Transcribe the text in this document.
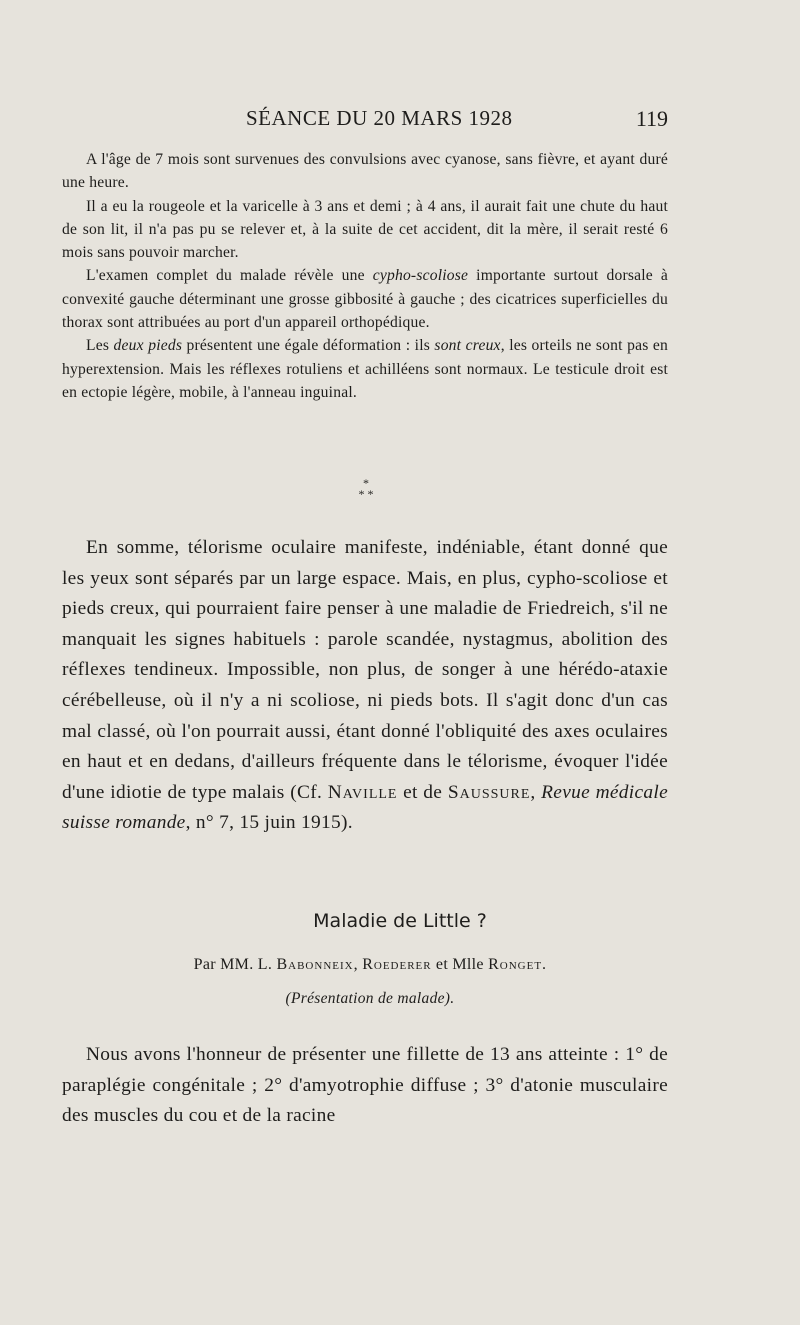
SÉANCE DU 20 MARS 1928	119

A l'âge de 7 mois sont survenues des convulsions avec cyanose, sans fièvre, et ayant duré une heure.

Il a eu la rougeole et la varicelle à 3 ans et demi ; à 4 ans, il aurait fait une chute du haut de son lit, il n'a pas pu se relever et, à la suite de cet accident, dit la mère, il serait resté 6 mois sans pouvoir marcher.

L'examen complet du malade révèle une cypho-scoliose importante surtout dorsale à convexité gauche déterminant une grosse gibbosité à gauche ; des cicatrices superficielles du thorax sont attribuées au port d'un appareil orthopédique.

Les deux pieds présentent une égale déformation : ils sont creux, les orteils ne sont pas en hyperextension. Mais les réflexes rotuliens et achilléens sont normaux. Le testicule droit est en ectopie légère, mobile, à l'anneau inguinal.

*
* *

En somme, télorisme oculaire manifeste, indéniable, étant donné que les yeux sont séparés par un large espace. Mais, en plus, cypho-scoliose et pieds creux, qui pourraient faire penser à une maladie de Friedreich, s'il ne manquait les signes habituels : parole scandée, nystagmus, abolition des réflexes tendineux. Impossible, non plus, de songer à une hérédo-ataxie cérébelleuse, où il n'y a ni scoliose, ni pieds bots. Il s'agit donc d'un cas mal classé, où l'on pourrait aussi, étant donné l'obliquité des axes oculaires en haut et en dedans, d'ailleurs fréquente dans le télorisme, évoquer l'idée d'une idiotie de type malais (Cf. Naville et de Saussure, Revue médicale suisse romande, n° 7, 15 juin 1915).

Maladie de Little ?
Par MM. L. Babonneix, Roederer et Mlle Ronget.
(Présentation de malade).

Nous avons l'honneur de présenter une fillette de 13 ans atteinte : 1° de paraplégie congénitale ; 2° d'amyotrophie diffuse ; 3° d'atonie musculaire des muscles du cou et de la racine
